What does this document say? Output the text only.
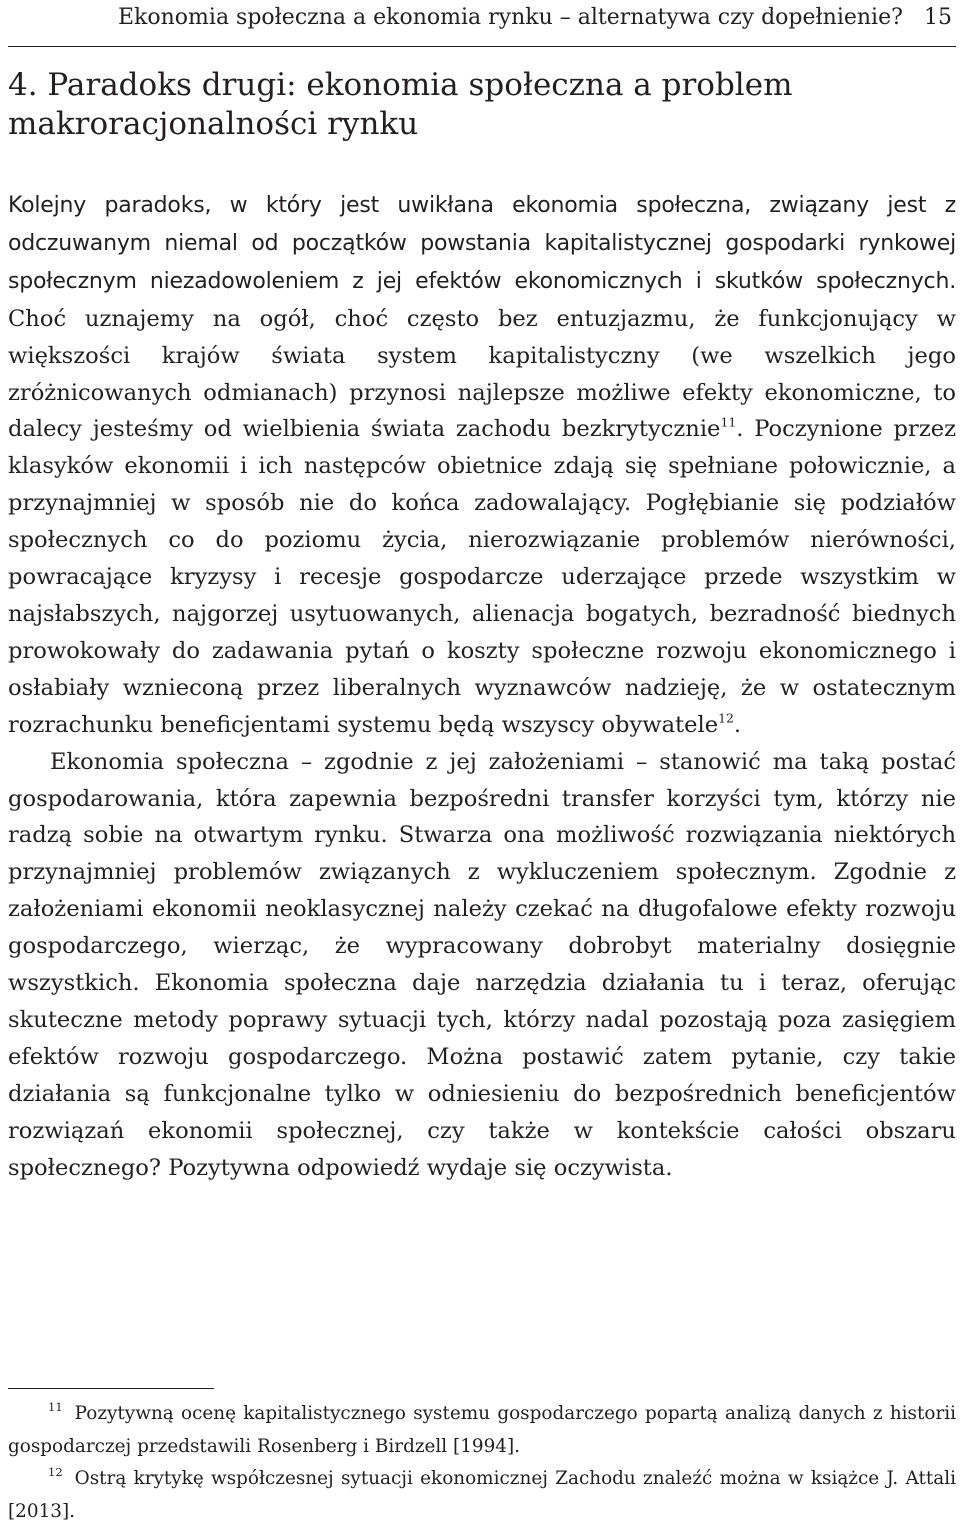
Ekonomia społeczna a ekonomia rynku – alternatywa czy dopełnienie? 15
4. Paradoks drugi: ekonomia społeczna a problem makroracjonalności rynku

Kolejny paradoks, w który jest uwikłana ekonomia społeczna, związany jest z odczuwanym niemal od początków powstania kapitalistycznej gospodarki rynkowej społecznym niezadowoleniem z jej efektów ekonomicznych i skutków społecznych. Choć uznajemy na ogół, choć często bez entuzjazmu, że funkcjonujący w większości krajów świata system kapitalistyczny (we wszelkich jego zróżnicowanych odmianach) przynosi najlepsze możliwe efekty ekonomiczne, to dalecy jesteśmy od wielbienia świata zachodu bezkrytycznie$^{11}$. Poczynione przez klasyków ekonomii i ich następców obietnice zdają się spełniane połowicznie, a przynajmniej w sposób nie do końca zadowalający. Pogłębianie się podziałów społecznych co do poziomu życia, nierozwiązanie problemów nierówności, powracające kryzysy i recesje gospodarcze uderzające przede wszystkim w najsłabszych, najgorzej usytuowanych, alienacja bogatych, bezradność biednych prowokowały do zadawania pytań o koszty społeczne rozwoju ekonomicznego i osłabiały wznieconą przez liberalnych wyznawców nadzieję, że w ostatecznym rozrachunku beneficjentami systemu będą wszyscy obywatele$^{12}$.

Ekonomia społeczna – zgodnie z jej założeniami – stanowić ma taką postać gospodarowania, która zapewnia bezpośredni transfer korzyści tym, którzy nie radzą sobie na otwartym rynku. Stwarza ona możliwość rozwiązania niektórych przynajmniej problemów związanych z wykluczeniem społecznym. Zgodnie z założeniami ekonomii neoklasycznej należy czekać na długofalowe efekty rozwoju gospodarczego, wierząc, że wypracowany dobrobyt materialny dosięgnie wszystkich. Ekonomia społeczna daje narzędzia działania tu i teraz, oferując skuteczne metody poprawy sytuacji tych, którzy nadal pozostają poza zasięgiem efektów rozwoju gospodarczego. Można postawić zatem pytanie, czy takie działania są funkcjonalne tylko w odniesieniu do bezpośrednich beneficjentów rozwiązań ekonomii społecznej, czy także w kontekście całości obszaru społecznego? Pozytywna odpowiedź wydaje się oczywista.

$^{11}$ Pozytywną ocenę kapitalistycznego systemu gospodarczego popartą analizą danych z historii gospodarczej przedstawili Rosenberg i Birdzell [1994].

$^{12}$ Ostrą krytykę współczesnej sytuacji ekonomicznej Zachodu znaleźć można w książce J. Attali [2013].
